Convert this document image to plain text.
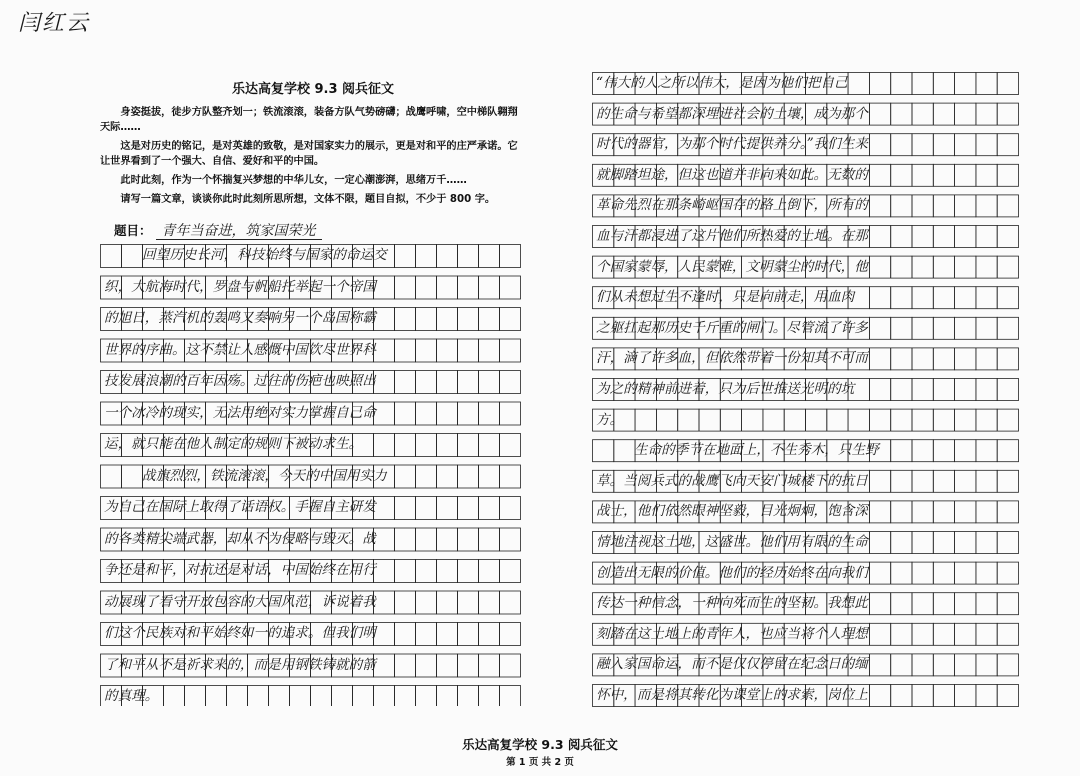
闫红云
乐达高复学校 9.3 阅兵征文

身姿挺拔，徒步方队整齐划一；铁流滚滚，装备方队气势磅礴；战鹰呼啸，空中梯队翱翔天际……

这是对历史的铭记，是对英雄的致敬，是对国家实力的展示，更是对和平的庄严承诺。它让世界看到了一个强大、自信、爱好和平的中国。

此时此刻，作为一个怀揣复兴梦想的中华儿女，一定心潮澎湃，思绪万千……

请写一篇文章，谈谈你此时此刻所思所想，文体不限，题目自拟，不少于 800 字。

题目： 青年当奋进，筑家国荣光
回望历史长河，科技始终与国家的命运交
织，大航海时代，罗盘与帆船托举起一个帝国
的旭日，蒸汽机的轰鸣又奏响另一个岛国称霸
世界的序曲。这不禁让人感慨中国饮尽世界科
技发展浪潮的百年因殇。过往的伤疤也映照出
一个冰冷的现实，无法用绝对实力掌握自己命
运，就只能在他人制定的规则下被动求生。
战旗烈烈，铁流滚滚，今天的中国用实力
为自己在国际上取得了话语权。手握自主研发
的各类精尖端武器，却从不为侵略与毁灭。战
争还是和平，对抗还是对话，中国始终在用行
动展现了看守开放包容的大国风范，诉说着我
们这个民族对和平始终如一的追求。但我们明
了和平从不是祈求来的，而是用钢铁铸就的箭
的真理。
“伟大的人之所以伟大，是因为他们把自己
的生命与希望都深埋进社会的土壤，成为那个
时代的器官，为那个时代提供养分。”我们生来
就脚踏坦途，但这也道并非向来如此。无数的
革命先烈在那条崎岖国存的路上倒下，所有的
血与汗都浸进了这片他们所热爱的土地。在那
个国家蒙辱，人民蒙难，文明蒙尘的时代，他
们从未想过生不逢时，只是向前走，用血肉
之躯扛起那历史千斤重的闸门。尽管流了许多
汗，滴了许多血，但依然带着一份知其不可而
为之的精神前进着，只为后世推送光明的坑
方。
生命的季节在地面上，不生秀木，只生野
草。当阅兵式的战鹰飞向天安门城楼下的抗日
战士，他们依然眼神坚毅，目光炯炯，饱含深
情地注视这土地，这盛世。他们用有限的生命
创造出无限的价值。他们的经历始终在向我们
传达一种信念，一种向死而生的坚韧。我想此
刻踏在这土地上的青年人，也应当将个人理想
融入家国命运，而不是仅仅停留在纪念日的缅
怀中，而是将其转化为课堂上的求索，岗位上
乐达高复学校 9.3 阅兵征文
第 1 页 共 2 页
